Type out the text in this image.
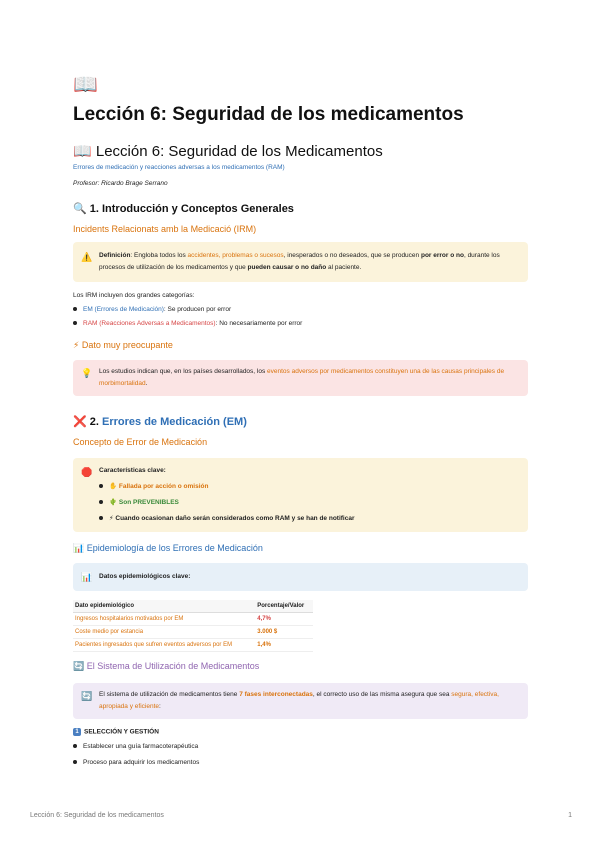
📖
Lección 6: Seguridad de los medicamentos
📖 Lección 6: Seguridad de los Medicamentos
Errores de medicación y reacciones adversas a los medicamentos (RAM)
Profesor: Ricardo Brage Serrano
🔍 1. Introducción y Conceptos Generales
Incidents Relacionats amb la Medicació (IRM)
⚠️ Definición: Engloba todos los accidentes, problemas o sucesos, inesperados o no deseados, que se producen por error o no, durante los procesos de utilización de los medicamentos y que pueden causar o no daño al paciente.
Los IRM incluyen dos grandes categorías:
EM (Errores de Medicación): Se producen por error
RAM (Reacciones Adversas a Medicamentos): No necesariamente por error
⚡ Dato muy preocupante
💡 Los estudios indican que, en los países desarrollados, los eventos adversos por medicamentos constituyen una de las causas principales de morbimortalidad.
❌ 2. Errores de Medicación (EM)
Concepto de Error de Medicación
🛑 Características clave:
✋ Fallada por acción o omisión
🌵 Son PREVENIBLES
⚡ Cuando ocasionan daño serán considerados como RAM y se han de notificar
📊 Epidemiología de los Errores de Medicación
📊 Datos epidemiológicos clave:
Dato epidemiológico	Porcentaje/Valor
Ingresos hospitalarios motivados por EM	4,7%
Coste medio por estancia	3.000 $
Pacientes ingresados que sufren eventos adversos por EM	1,4%
🔄 El Sistema de Utilización de Medicamentos
🔄 El sistema de utilización de medicamentos tiene 7 fases interconectadas, el correcto uso de las misma asegura que sea segura, efectiva, apropiada y eficiente:
1 SELECCIÓN Y GESTIÓN
Establecer una guía farmacoterapéutica
Proceso para adquirir los medicamentos
Lección 6: Seguridad de los medicamentos	1
